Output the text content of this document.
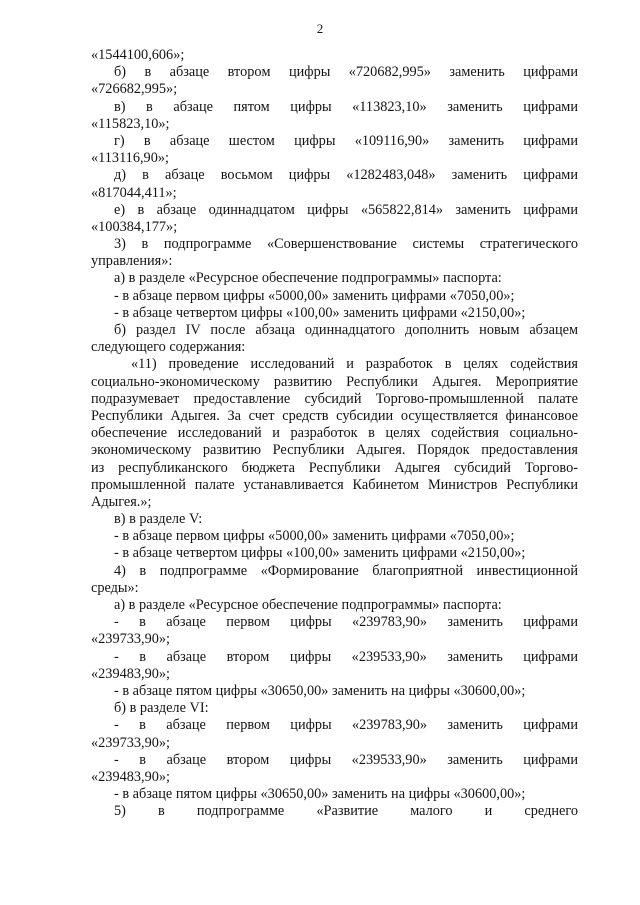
2
«1544100,606»;
б) в абзаце вторoм цифры «720682,995» заменить цифрами
«726682,995»;
в) в абзаце пятом цифры «113823,10» заменить цифрами
«115823,10»;
г) в абзаце шестом цифры «109116,90» заменить цифрами
«113116,90»;
д) в абзаце восьмом цифры «1282483,048» заменить цифрами
«817044,411»;
е) в абзаце одиннадцатом цифры «565822,814» заменить цифрами
«100384,177»;
3) в подпрограмме «Совершенствование системы стратегического
управления»:
а) в разделе «Ресурсное обеспечение подпрограммы» паспорта:
- в абзаце первом цифры «5000,00» заменить цифрами «7050,00»;
- в абзаце четвертом цифры «100,00» заменить цифрами «2150,00»;
б) раздел IV после абзаца одиннадцатого дополнить новым абзацем
следующего содержания:
«11) проведение исследований и разработок в целях содействия
социально-экономическому развитию Республики Адыгея. Мероприятие
подразумевает предоставление субсидий Торгово-промышленной палате
Республики Адыгея. За счет средств субсидии осуществляется финансовое
обеспечение исследований и разработок в целях содействия социально-
экономическому развитию Республики Адыгея. Порядок предоставления
из республиканского бюджета Республики Адыгея субсидий Торгово-
промышленной палате устанавливается Кабинетом Министров Республики
Адыгея.»;
в) в разделе V:
- в абзаце первом цифры «5000,00» заменить цифрами «7050,00»;
- в абзаце четвертом цифры «100,00» заменить цифрами «2150,00»;
4) в подпрограмме «Формирование благоприятной инвестиционной
среды»:
а) в разделе «Ресурсное обеспечение подпрограммы» паспорта:
- в абзаце первом цифры «239783,90» заменить цифрами
«239733,90»;
- в абзаце втором цифры «239533,90» заменить цифрами
«239483,90»;
- в абзаце пятом цифры «30650,00» заменить на цифры «30600,00»;
б) в разделе VI:
- в абзаце первом цифры «239783,90» заменить цифрами
«239733,90»;
- в абзаце втором цифры «239533,90» заменить цифрами
«239483,90»;
- в абзаце пятом цифры «30650,00» заменить на цифры «30600,00»;
5) в подпрограмме «Развитие малого и среднего
